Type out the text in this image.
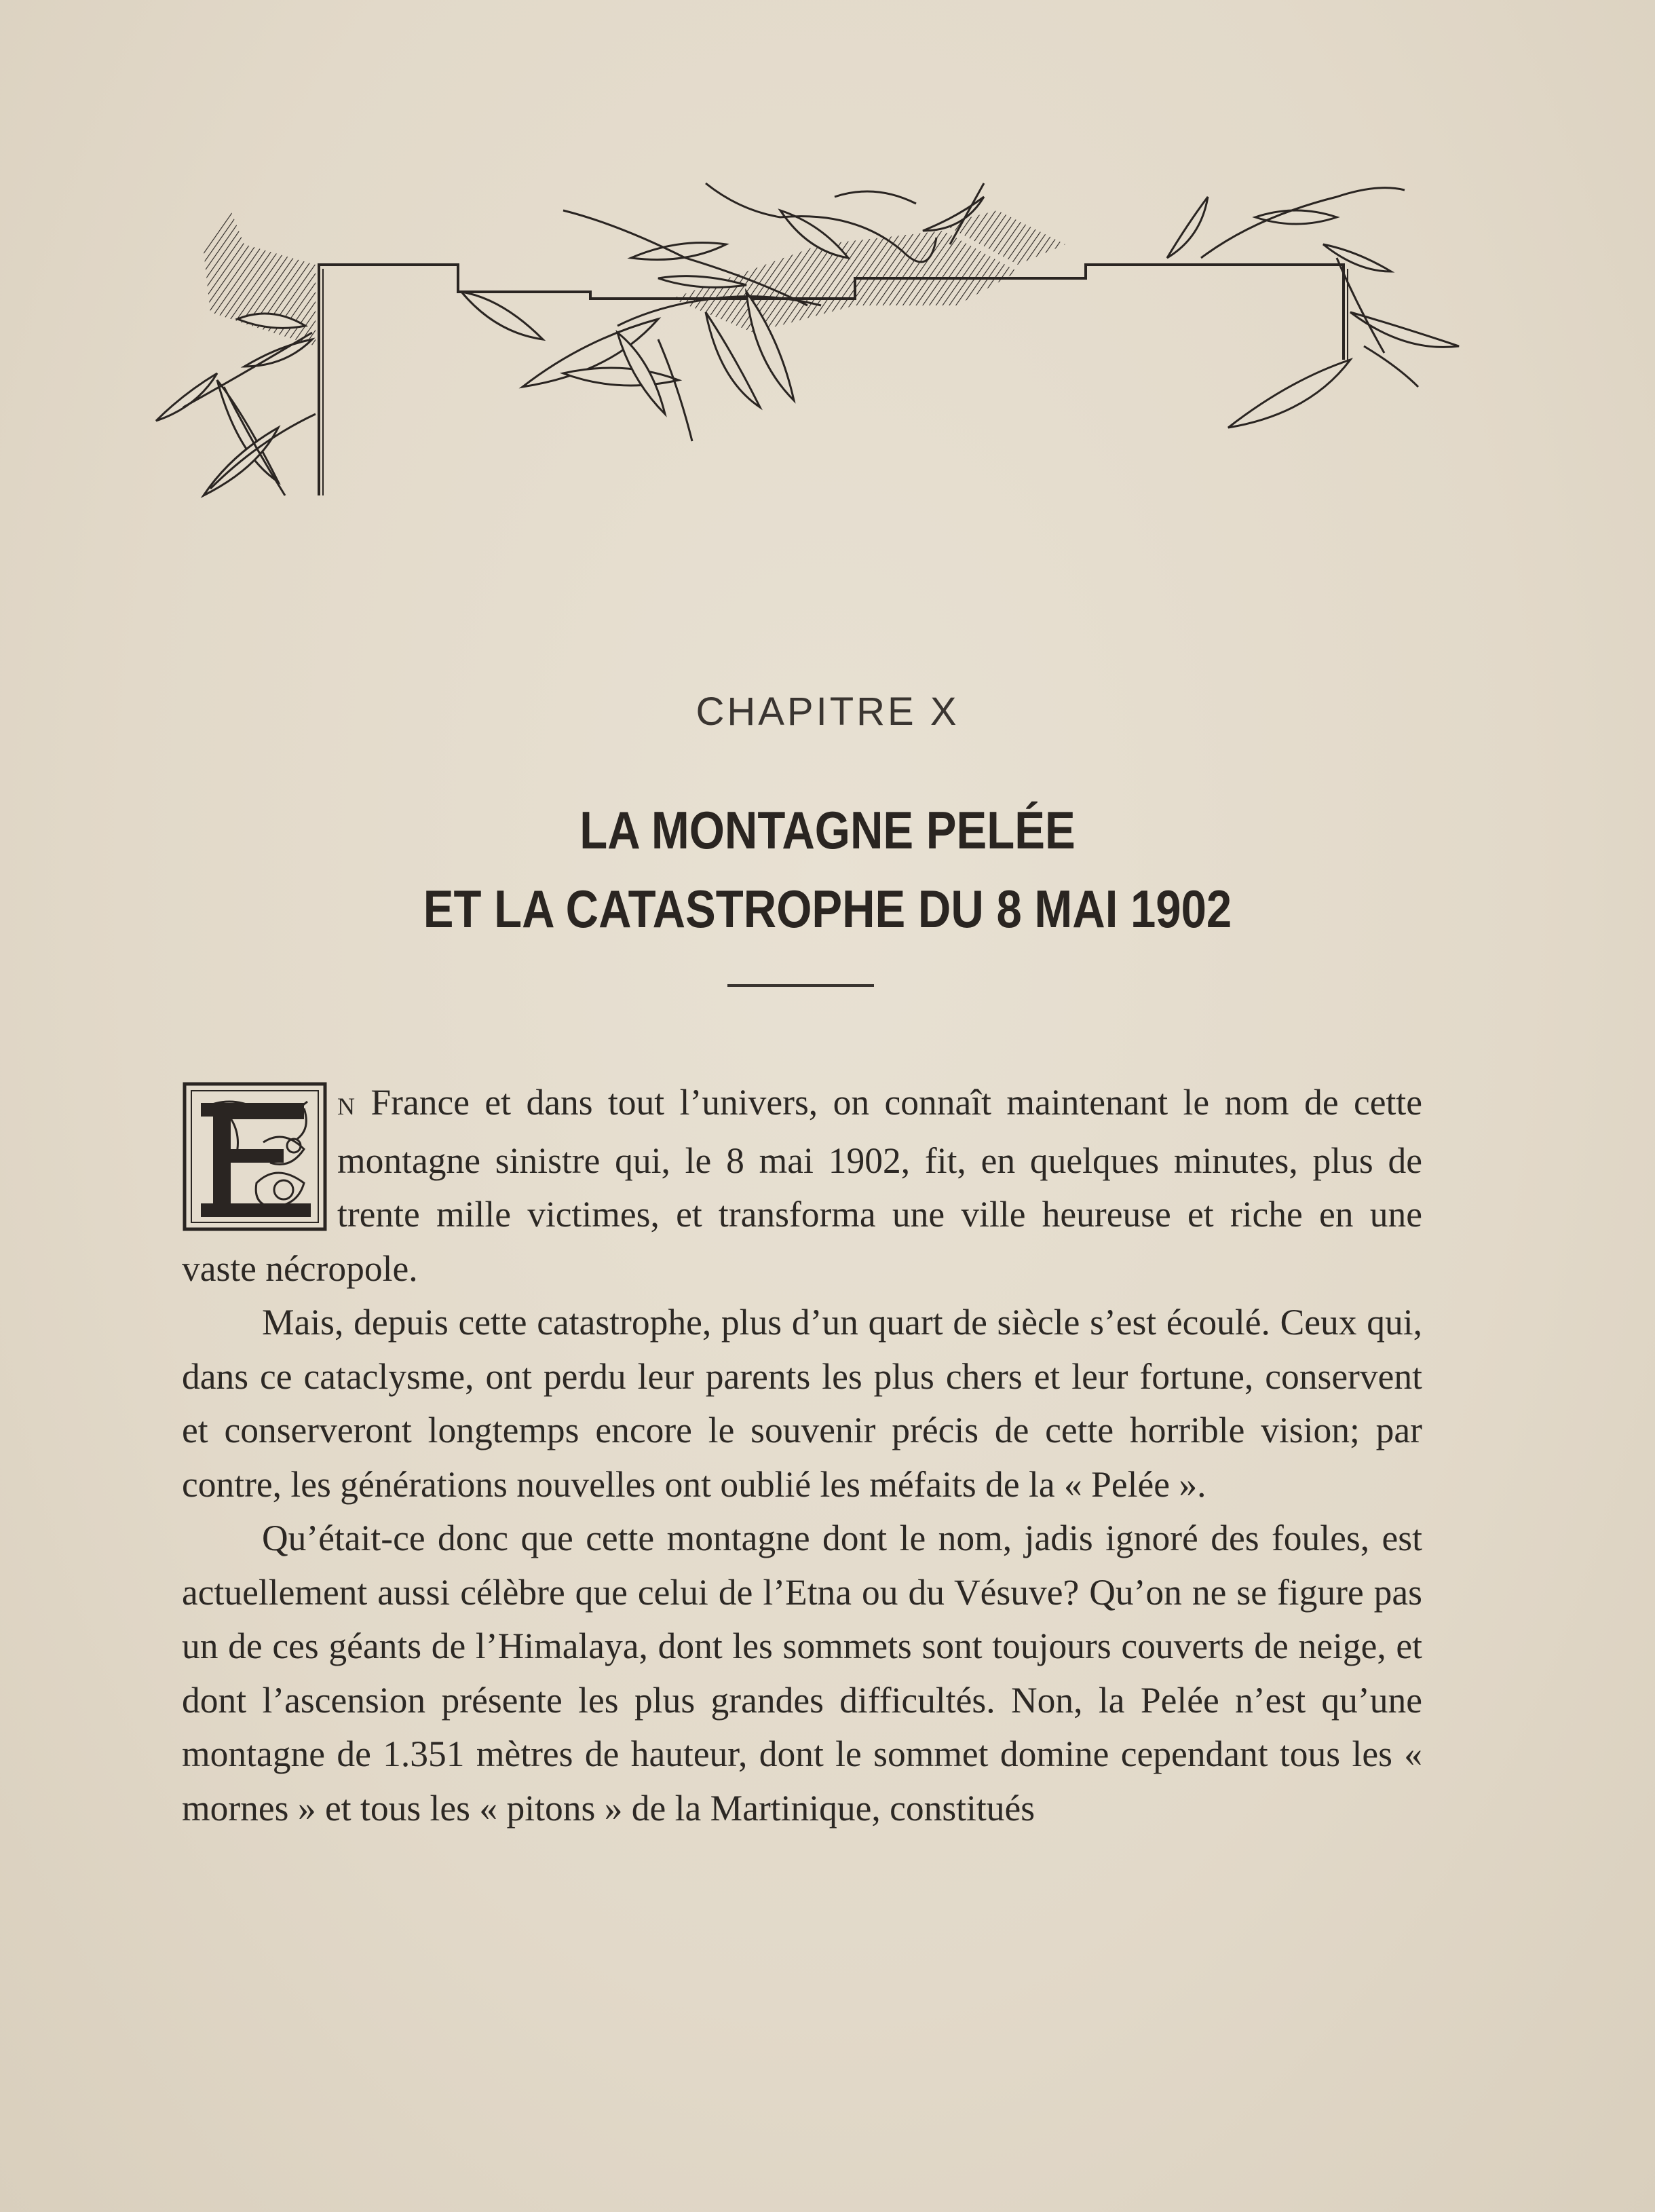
CHAPITRE X
LA MONTAGNE PELÉE
ET LA CATASTROPHE DU 8 MAI 1902

N France et dans tout l’univers, on connaît maintenant le nom de cette montagne sinistre qui, le 8 mai 1902, fit, en quelques minutes, plus de trente mille victimes, et transforma une ville heureuse et riche en une vaste nécropole.

Mais, depuis cette catastrophe, plus d’un quart de siècle s’est écoulé. Ceux qui, dans ce cataclysme, ont perdu leur parents les plus chers et leur fortune, conservent et conserveront longtemps encore le souvenir précis de cette horrible vision; par contre, les générations nouvelles ont oublié les méfaits de la « Pelée ».

Qu’était-ce donc que cette montagne dont le nom, jadis ignoré des foules, est actuellement aussi célèbre que celui de l’Etna ou du Vésuve? Qu’on ne se figure pas un de ces géants de l’Himalaya, dont les sommets sont toujours couverts de neige, et dont l’ascension présente les plus grandes difficultés. Non, la Pelée n’est qu’une montagne de 1.351 mètres de hauteur, dont le sommet domine cependant tous les « mornes » et tous les « pitons » de la Martinique, constitués
